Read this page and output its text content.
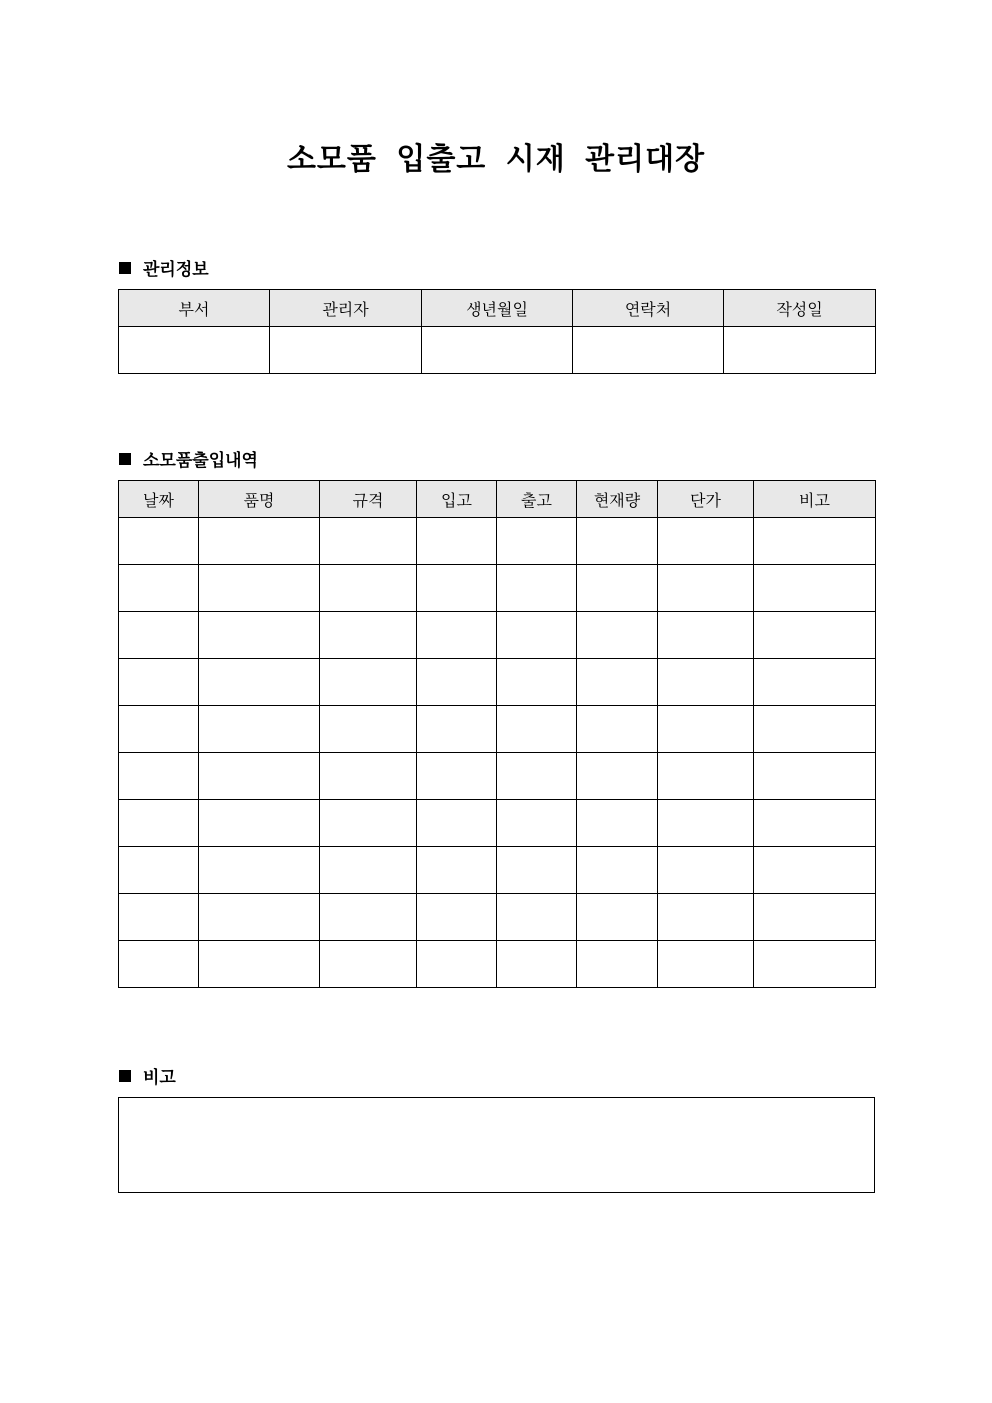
소모품 입출고 시재 관리대장
관리정보
부서	관리자	생년월일	연락처	작성일

소모품출입내역
날짜	품명	규격	입고	출고	현재량	단가	비고

비고
